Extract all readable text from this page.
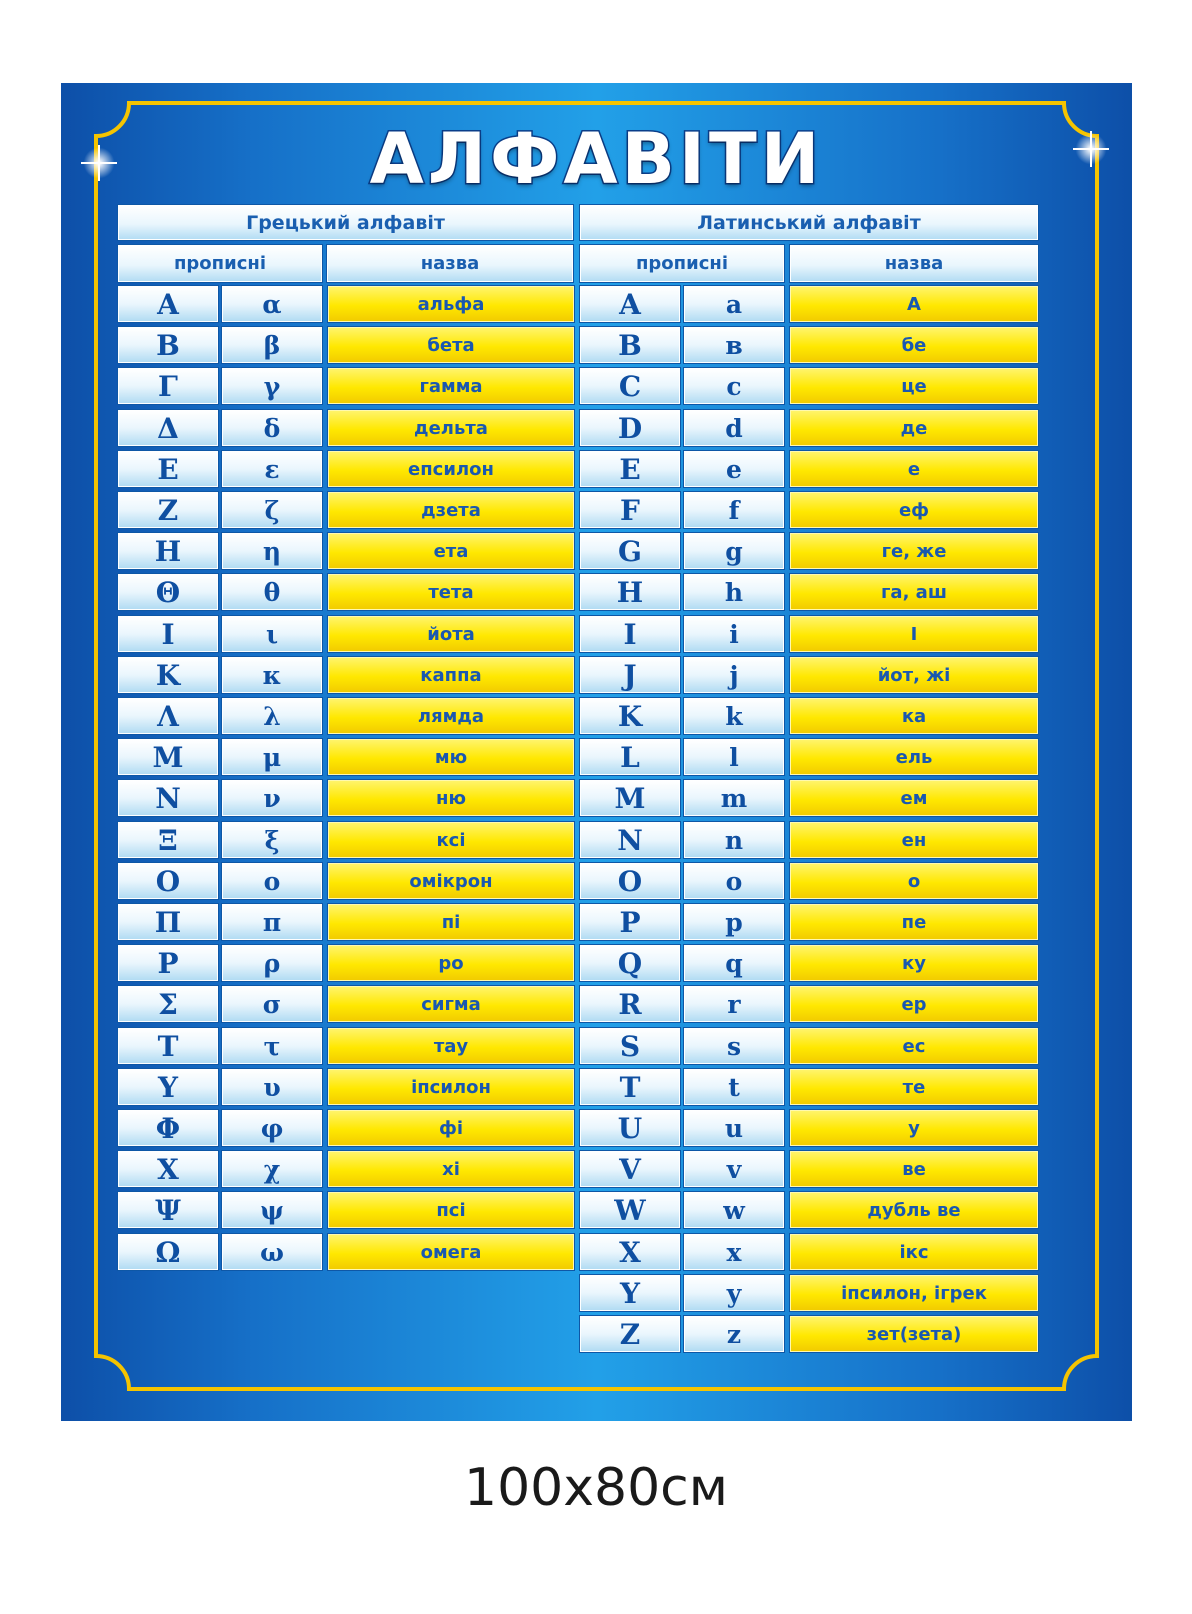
АЛФАВІТИ
Грецький алфавіт
прописні	назва
Α	α	альфа
Β	β	бета
Γ	γ	гамма
Δ	δ	дельта
Ε	ε	епсилон
Ζ	ζ	дзета
Η	η	ета
Θ	θ	тета
Ι	ι	йота
Κ	κ	каппа
Λ	λ	лямда
Μ	μ	мю
Ν	ν	ню
Ξ	ξ	ксі
Ο	ο	омікрон
Π	π	пі
Ρ	ρ	ро
Σ	σ	сигма
Τ	τ	тау
Υ	υ	іпсилон
Φ	φ	фі
Χ	χ	хі
Ψ	ψ	псі
Ω	ω	омега
Латинський алфавіт
прописні	назва
A	a	А
B	в	бе
C	c	це
D	d	де
E	e	е
F	f	еф
G	g	ге, же
H	h	га, аш
I	i	І
J	j	йот, жі
K	k	ка
L	l	ель
M	m	ем
N	n	ен
O	o	о
P	p	пе
Q	q	ку
R	r	ер
S	s	ес
T	t	те
U	u	у
V	v	ве
W	w	дубль ве
X	x	ікс
Y	y	іпсилон, ігрек
Z	z	зет(зета)
100x80см
